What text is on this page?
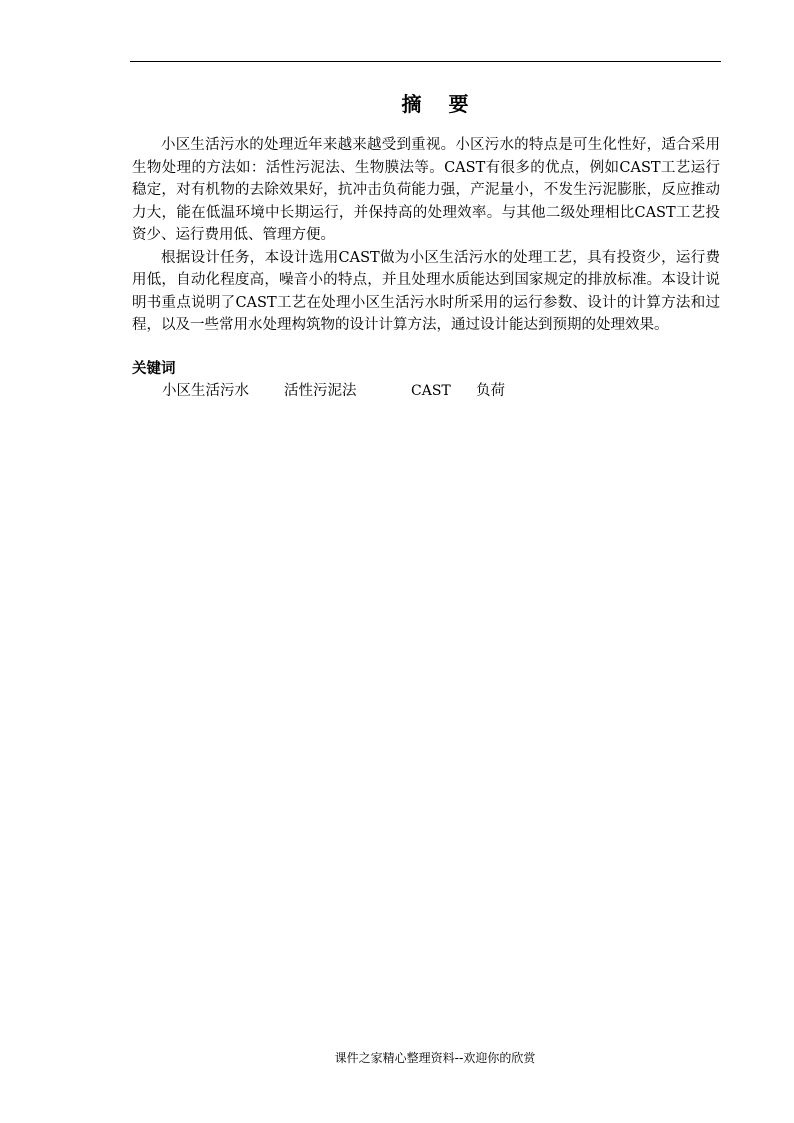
摘 要

小区生活污水的处理近年来越来越受到重视。小区污水的特点是可生化性好，适合采用生物处理的方法如：活性污泥法、生物膜法等。CAST有很多的优点，例如CAST工艺运行稳定，对有机物的去除效果好，抗冲击负荷能力强，产泥量小，不发生污泥膨胀，反应推动力大，能在低温环境中长期运行，并保持高的处理效率。与其他二级处理相比CAST工艺投资少、运行费用低、管理方便。

根据设计任务，本设计选用CAST做为小区生活污水的处理工艺，具有投资少，运行费用低，自动化程度高，噪音小的特点，并且处理水质能达到国家规定的排放标准。本设计说明书重点说明了CAST工艺在处理小区生活污水时所采用的运行参数、设计的计算方法和过程，以及一些常用水处理构筑物的设计计算方法，通过设计能达到预期的处理效果。

关键词
小区生活污水 活性污泥法	CAST 负荷
课件之家精心整理资料--欢迎你的欣赏
